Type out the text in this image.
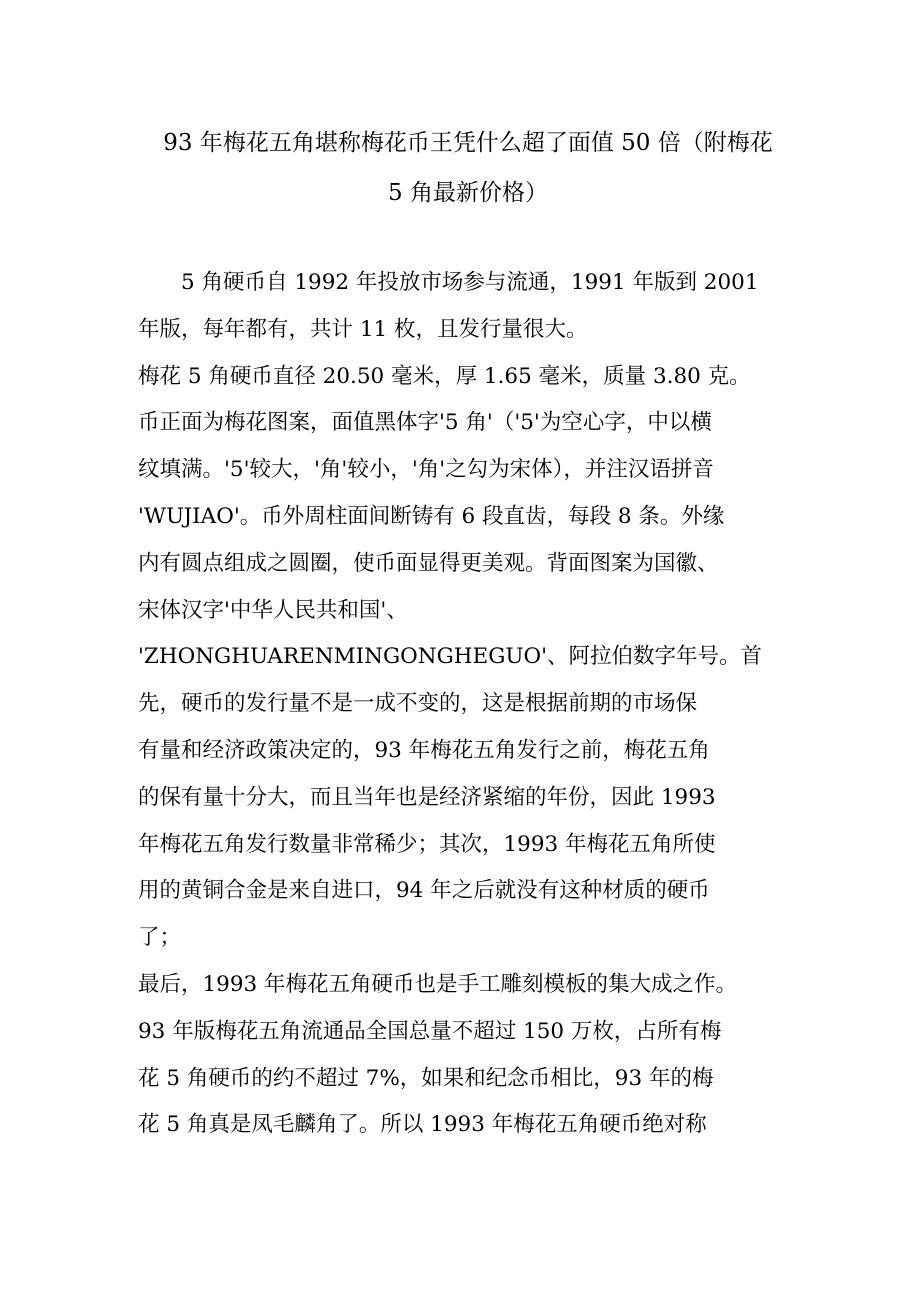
93 年梅花五角堪称梅花币王凭什么超了面值 50 倍（附梅花
5 角最新价格）
　　5 角硬币自 1992 年投放市场参与流通，1991 年版到 2001
年版，每年都有，共计 11 枚，且发行量很大。
梅花 5 角硬币直径 20.50 毫米，厚 1.65 毫米，质量 3.80 克。
币正面为梅花图案，面值黑体字'5 角'（'5'为空心字，中以横
纹填满。'5'较大，'角'较小，'角'之勾为宋体），并注汉语拼音
'WUJIAO'。币外周柱面间断铸有 6 段直齿，每段 8 条。外缘
内有圆点组成之圆圈，使币面显得更美观。背面图案为国徽、
宋体汉字'中华人民共和国'、
'ZHONGHUARENMINGONGHEGUO'、阿拉伯数字年号。首
先，硬币的发行量不是一成不变的，这是根据前期的市场保
有量和经济政策决定的，93 年梅花五角发行之前，梅花五角
的保有量十分大，而且当年也是经济紧缩的年份，因此 1993
年梅花五角发行数量非常稀少；其次，1993 年梅花五角所使
用的黄铜合金是来自进口，94 年之后就没有这种材质的硬币
了；
最后，1993 年梅花五角硬币也是手工雕刻模板的集大成之作。
93 年版梅花五角流通品全国总量不超过 150 万枚，占所有梅
花 5 角硬币的约不超过 7%，如果和纪念币相比，93 年的梅
花 5 角真是凤毛麟角了。所以 1993 年梅花五角硬币绝对称
